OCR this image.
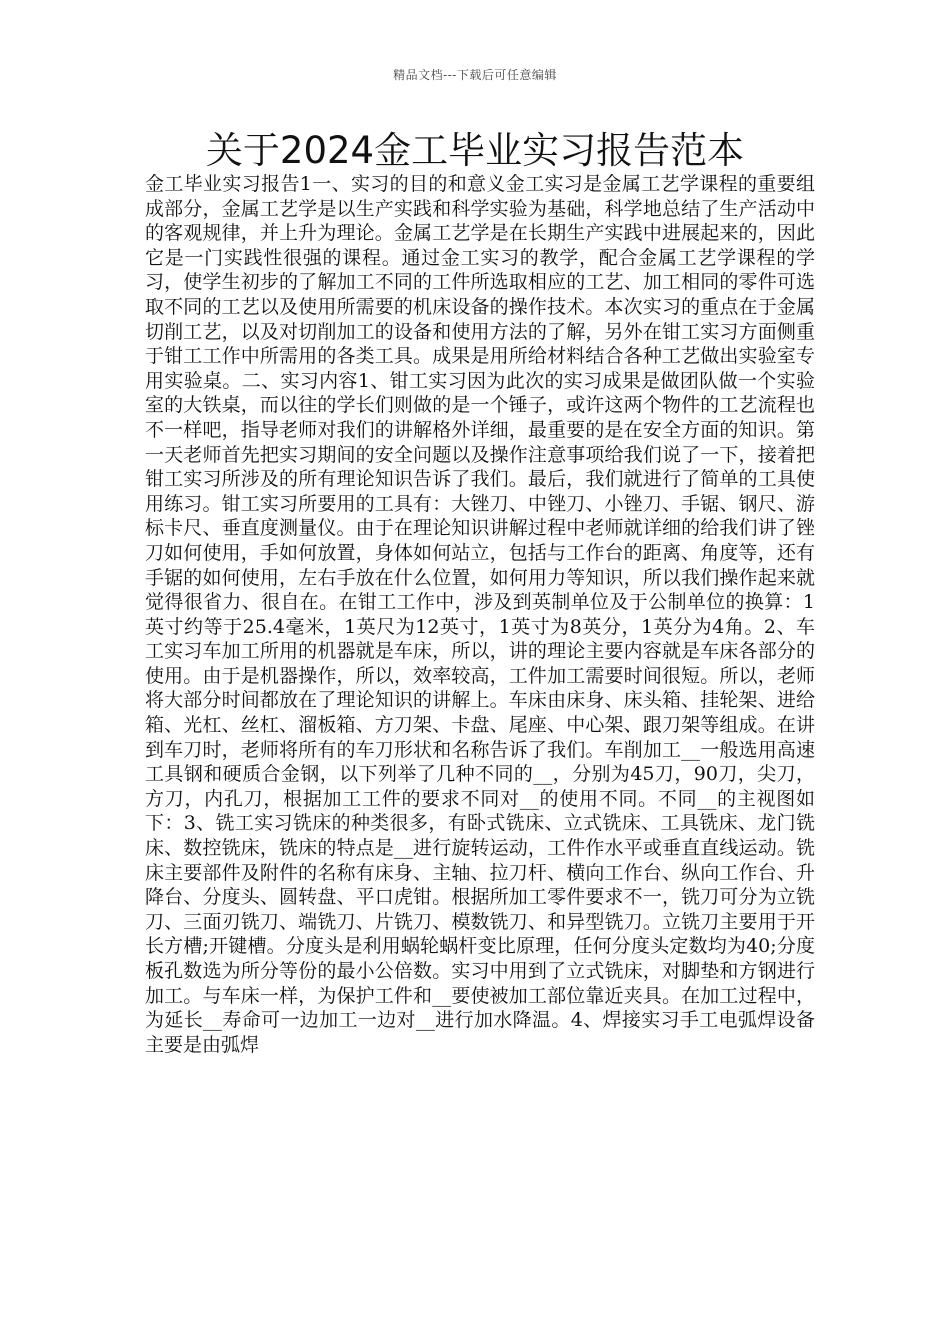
精品文档---下载后可任意编辑
关于2024金工毕业实习报告范本

金工毕业实习报告1一、实习的目的和意义金工实习是金属工艺学课程的重要组成部分，金属工艺学是以生产实践和科学实验为基础，科学地总结了生产活动中的客观规律，并上升为理论。金属工艺学是在长期生产实践中进展起来的，因此它是一门实践性很强的课程。通过金工实习的教学，配合金属工艺学课程的学习，使学生初步的了解加工不同的工件所选取相应的工艺、加工相同的零件可选取不同的工艺以及使用所需要的机床设备的操作技术。本次实习的重点在于金属切削工艺，以及对切削加工的设备和使用方法的了解，另外在钳工实习方面侧重于钳工工作中所需用的各类工具。成果是用所给材料结合各种工艺做出实验室专用实验桌。二、实习内容1、钳工实习因为此次的实习成果是做团队做一个实验室的大铁桌，而以往的学长们则做的是一个锤子，或许这两个物件的工艺流程也不一样吧，指导老师对我们的讲解格外详细，最重要的是在安全方面的知识。第一天老师首先把实习期间的安全问题以及操作注意事项给我们说了一下，接着把钳工实习所涉及的所有理论知识告诉了我们。最后，我们就进行了简单的工具使用练习。钳工实习所要用的工具有：大锉刀、中锉刀、小锉刀、手锯、钢尺、游标卡尺、垂直度测量仪。由于在理论知识讲解过程中老师就详细的给我们讲了锉刀如何使用，手如何放置，身体如何站立，包括与工作台的距离、角度等，还有手锯的如何使用，左右手放在什么位置，如何用力等知识，所以我们操作起来就觉得很省力、很自在。在钳工工作中，涉及到英制单位及于公制单位的换算：1英寸约等于25.4毫米，1英尺为12英寸，1英寸为8英分，1英分为4角。2、车工实习车加工所用的机器就是车床，所以，讲的理论主要内容就是车床各部分的使用。由于是机器操作，所以，效率较高，工件加工需要时间很短。所以，老师将大部分时间都放在了理论知识的讲解上。车床由床身、床头箱、挂轮架、进给箱、光杠、丝杠、溜板箱、方刀架、卡盘、尾座、中心架、跟刀架等组成。在讲到车刀时，老师将所有的车刀形状和名称告诉了我们。车削加工__一般选用高速工具钢和硬质合金钢，以下列举了几种不同的__，分别为45刀，90刀，尖刀，方刀，内孔刀，根据加工工件的要求不同对__的使用不同。不同__的主视图如下：3、铣工实习铣床的种类很多，有卧式铣床、立式铣床、工具铣床、龙门铣床、数控铣床，铣床的特点是__进行旋转运动，工件作水平或垂直直线运动。铣床主要部件及附件的名称有床身、主轴、拉刀杆、横向工作台、纵向工作台、升降台、分度头、圆转盘、平口虎钳。根据所加工零件要求不一，铣刀可分为立铣刀、三面刃铣刀、端铣刀、片铣刀、模数铣刀、和异型铣刀。立铣刀主要用于开长方槽;开键槽。分度头是利用蜗轮蜗杆变比原理，任何分度头定数均为40;分度板孔数选为所分等份的最小公倍数。实习中用到了立式铣床，对脚垫和方钢进行加工。与车床一样，为保护工件和__要使被加工部位靠近夹具。在加工过程中，为延长__寿命可一边加工一边对__进行加水降温。4、焊接实习手工电弧焊设备主要是由弧焊
